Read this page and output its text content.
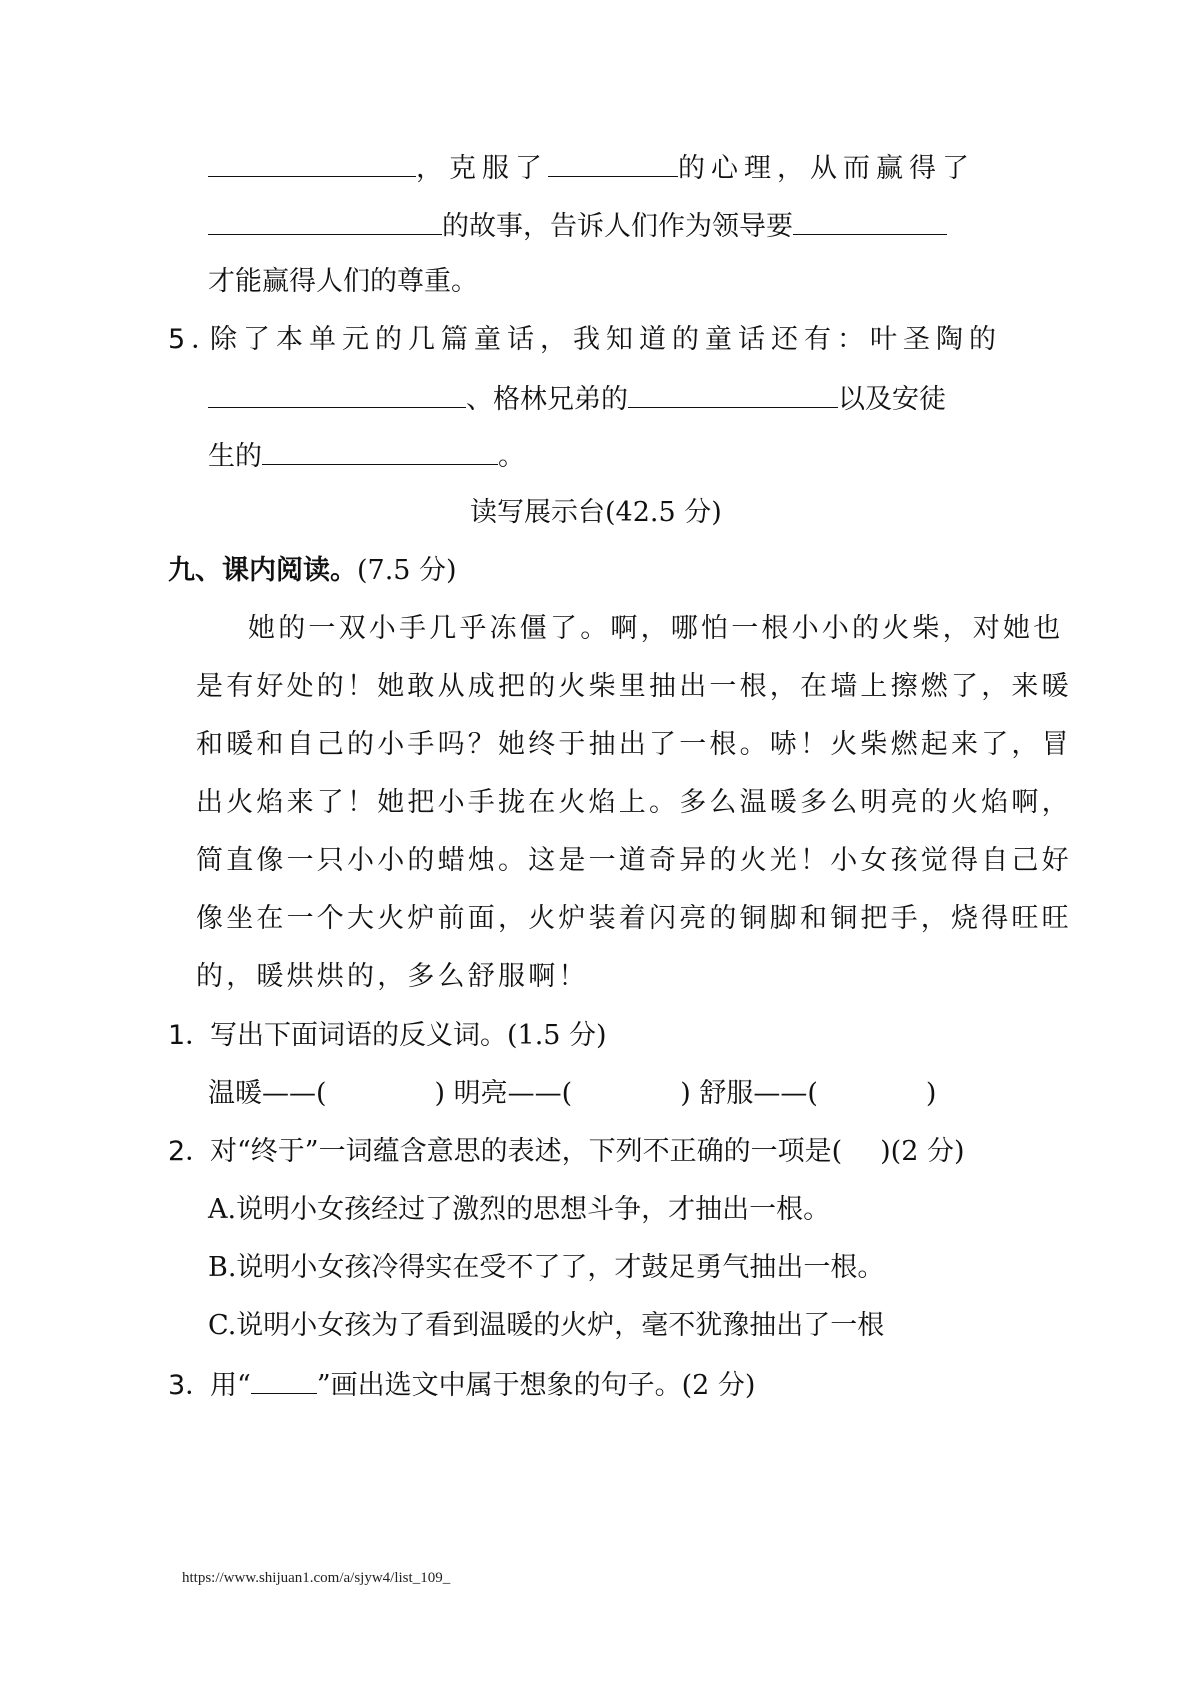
，克服了	的心理，从而赢得了
的故事，告诉人们作为领导要
才能赢得人们的尊重。
5．除了本单元的几篇童话，我知道的童话还有：叶圣陶的
、格林兄弟的	以及安徒
生的	。
读写展示台(42.5 分)
九、课内阅读。(7.5 分)
她的一双小手几乎冻僵了。啊，哪怕一根小小的火柴，对她也
是有好处的！她敢从成把的火柴里抽出一根，在墙上擦燃了，来暖
和暖和自己的小手吗？她终于抽出了一根。哧！火柴燃起来了，冒
出火焰来了！她把小手拢在火焰上。多么温暖多么明亮的火焰啊，
简直像一只小小的蜡烛。这是一道奇异的火光！小女孩觉得自己好
像坐在一个大火炉前面，火炉装着闪亮的铜脚和铜把手，烧得旺旺
的，暖烘烘的，多么舒服啊！
1．写出下面词语的反义词。(1.5 分)
温暖——(	) 明亮——(	) 舒服——(	)
2．对“终于”一词蕴含意思的表述，下列不正确的一项是( )(2 分)
A.说明小女孩经过了激烈的思想斗争，才抽出一根。
B.说明小女孩冷得实在受不了了，才鼓足勇气抽出一根。
C.说明小女孩为了看到温暖的火炉，毫不犹豫抽出了一根
3．用“ ”画出选文中属于想象的句子。(2 分)
https://www.shijuan1.com/a/sjyw4/list_109_
